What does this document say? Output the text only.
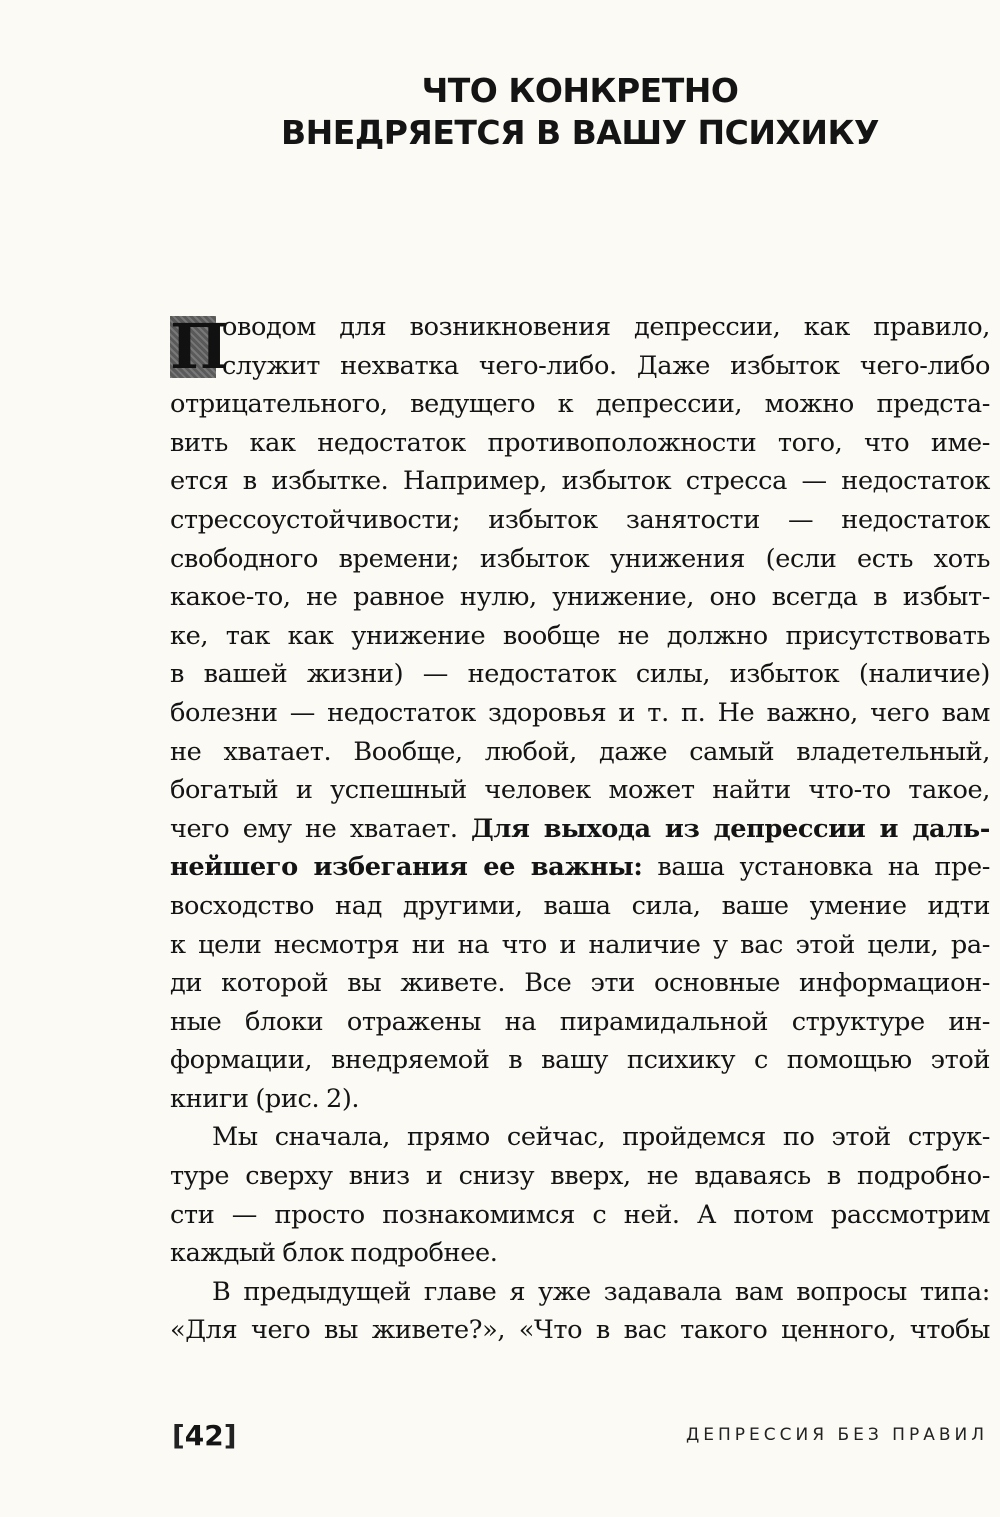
ЧТО КОНКРЕТНО
ВНЕДРЯЕТСЯ В ВАШУ ПСИХИКУ
П
оводом для возникновения депрессии, как правило,
служит нехватка чего-либо. Даже избыток чего-либо
отрицательного, ведущего к депрессии, можно предста-
вить как недостаток противоположности того, что име-
ется в избытке. Например, избыток стресса — недостаток
стрессоустойчивости; избыток занятости — недостаток
свободного времени; избыток унижения (если есть хоть
какое-то, не равное нулю, унижение, оно всегда в избыт-
ке, так как унижение вообще не должно присутствовать
в вашей жизни) — недостаток силы, избыток (наличие)
болезни — недостаток здоровья и т. п. Не важно, чего вам
не хватает. Вообще, любой, даже самый владетельный,
богатый и успешный человек может найти что-то такое,
чего ему не хватает. Для выхода из депрессии и даль-
нейшего избегания ее важны: ваша установка на пре-
восходство над другими, ваша сила, ваше умение идти
к цели несмотря ни на что и наличие у вас этой цели, ра-
ди которой вы живете. Все эти основные информацион-
ные блоки отражены на пирамидальной структуре ин-
формации, внедряемой в вашу психику с помощью этой
книги (рис. 2).
Мы сначала, прямо сейчас, пройдемся по этой струк-
туре сверху вниз и снизу вверх, не вдаваясь в подробно-
сти — просто познакомимся с ней. А потом рассмотрим
каждый блок подробнее.
В предыдущей главе я уже задавала вам вопросы типа:
«Для чего вы живете?», «Что в вас такого ценного, чтобы
[42]	ДЕПРЕССИЯ БЕЗ ПРАВИЛ
